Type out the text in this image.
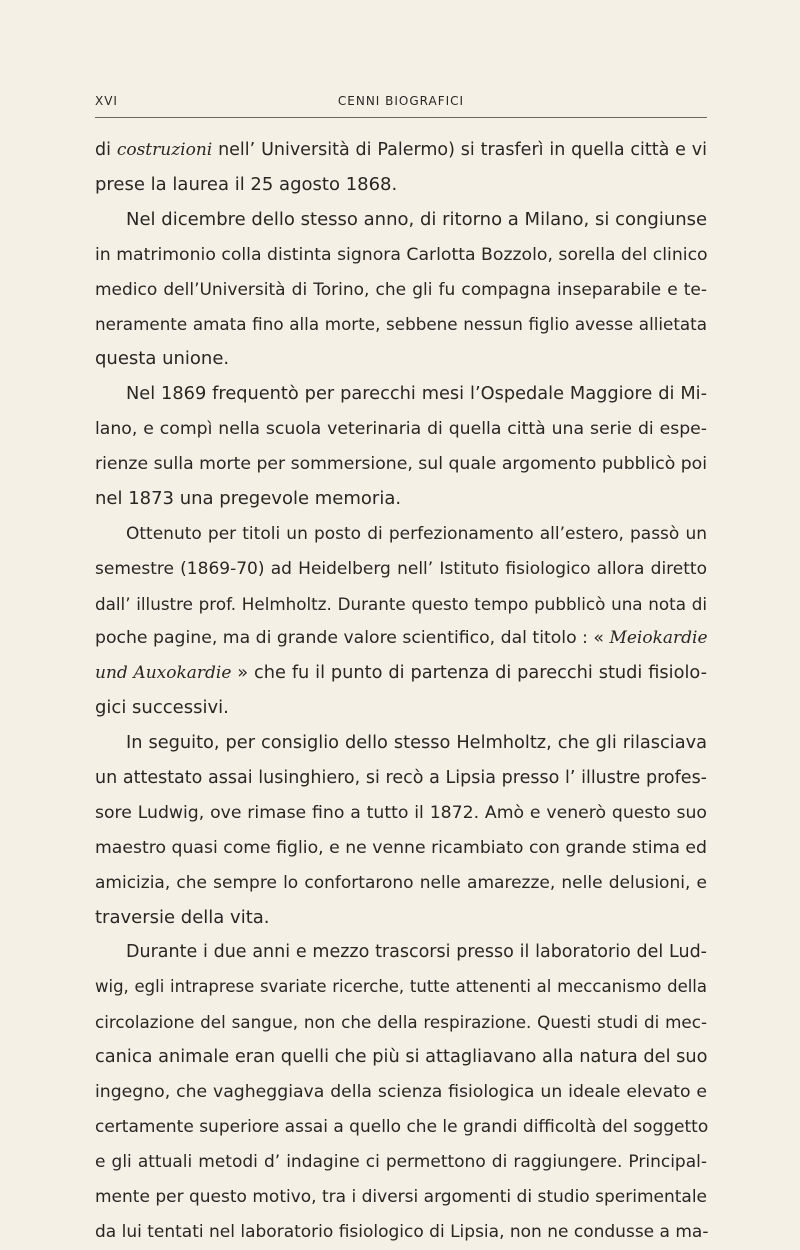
XVI	CENNI BIOGRAFICI
di costruzioni nell’ Università di Palermo) si trasferì in quella città e vi
prese la laurea il 25 agosto 1868.
Nel dicembre dello stesso anno, di ritorno a Milano, si congiunse
in matrimonio colla distinta signora Carlotta Bozzolo, sorella del clinico
medico dell’Università di Torino, che gli fu compagna inseparabile e te-
neramente amata fino alla morte, sebbene nessun figlio avesse allietata
questa unione.
Nel 1869 frequentò per parecchi mesi l’Ospedale Maggiore di Mi-
lano, e compì nella scuola veterinaria di quella città una serie di espe-
rienze sulla morte per sommersione, sul quale argomento pubblicò poi
nel 1873 una pregevole memoria.
Ottenuto per titoli un posto di perfezionamento all’estero, passò un
semestre (1869-70) ad Heidelberg nell’ Istituto fisiologico allora diretto
dall’ illustre prof. Helmholtz. Durante questo tempo pubblicò una nota di
poche pagine, ma di grande valore scientifico, dal titolo : « Meiokardie
und Auxokardie » che fu il punto di partenza di parecchi studi fisiolo-
gici successivi.
In seguito, per consiglio dello stesso Helmholtz, che gli rilasciava
un attestato assai lusinghiero, si recò a Lipsia presso l’ illustre profes-
sore Ludwig, ove rimase fino a tutto il 1872. Amò e venerò questo suo
maestro quasi come figlio, e ne venne ricambiato con grande stima ed
amicizia, che sempre lo confortarono nelle amarezze, nelle delusioni, e
traversie della vita.
Durante i due anni e mezzo trascorsi presso il laboratorio del Lud-
wig, egli intraprese svariate ricerche, tutte attenenti al meccanismo della
circolazione del sangue, non che della respirazione. Questi studi di mec-
canica animale eran quelli che più si attagliavano alla natura del suo
ingegno, che vagheggiava della scienza fisiologica un ideale elevato e
certamente superiore assai a quello che le grandi difficoltà del soggetto
e gli attuali metodi d’ indagine ci permettono di raggiungere. Principal-
mente per questo motivo, tra i diversi argomenti di studio sperimentale
da lui tentati nel laboratorio fisiologico di Lipsia, non ne condusse a ma-
